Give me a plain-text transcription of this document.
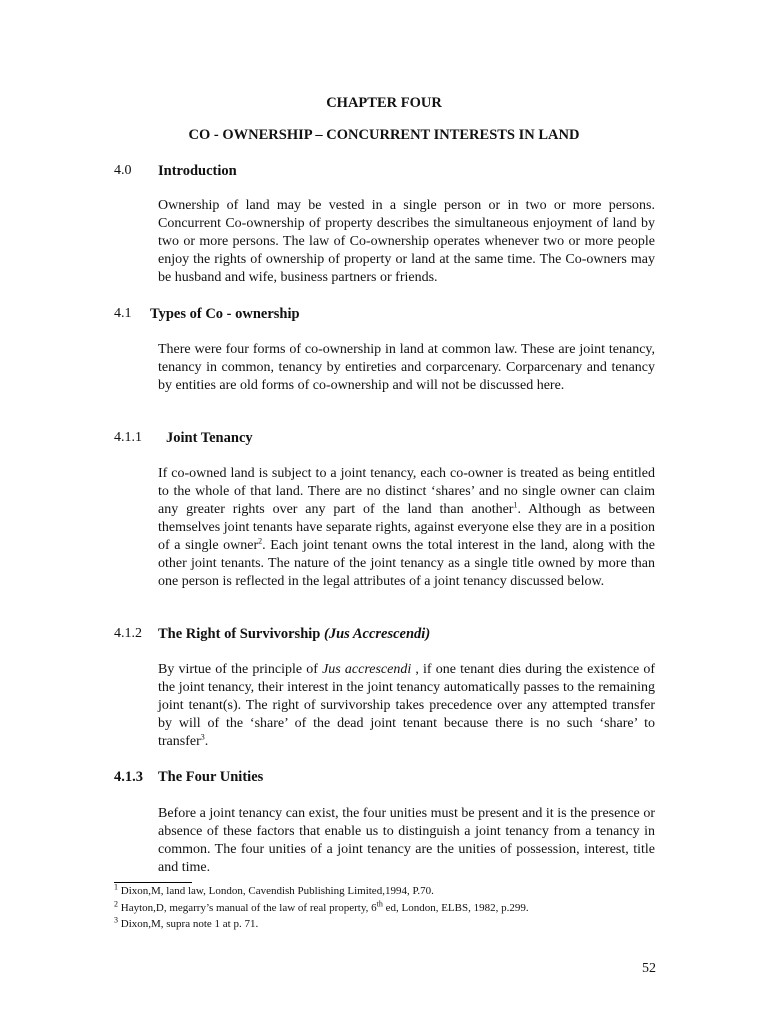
CHAPTER FOUR
CO - OWNERSHIP – CONCURRENT INTERESTS IN LAND
4.0 Introduction
Ownership of land may be vested in a single person or in two or more persons. Concurrent Co-ownership of property describes the simultaneous enjoyment of land by two or more persons. The law of Co-ownership operates whenever two or more people enjoy the rights of ownership of property or land at the same time. The Co-owners may be husband and wife, business partners or friends.
4.1 Types of Co - ownership
There were four forms of co-ownership in land at common law. These are joint tenancy, tenancy in common, tenancy by entireties and corparcenary. Corparcenary and tenancy by entities are old forms of co-ownership and will not be discussed here.
4.1.1 Joint Tenancy
If co-owned land is subject to a joint tenancy, each co-owner is treated as being entitled to the whole of that land. There are no distinct ‘shares’ and no single owner can claim any greater rights over any part of the land than another$^1$. Although as between themselves joint tenants have separate rights, against everyone else they are in a position of a single owner$^2$. Each joint tenant owns the total interest in the land, along with the other joint tenants. The nature of the joint tenancy as a single title owned by more than one person is reflected in the legal attributes of a joint tenancy discussed below.
4.1.2 The Right of Survivorship (Jus Accrescendi)
By virtue of the principle of Jus accrescendi , if one tenant dies during the existence of the joint tenancy, their interest in the joint tenancy automatically passes to the remaining joint tenant(s). The right of survivorship takes precedence over any attempted transfer by will of the ‘share’ of the dead joint tenant because there is no such ‘share’ to transfer$^3$.
4.1.3 The Four Unities
Before a joint tenancy can exist, the four unities must be present and it is the presence or absence of these factors that enable us to distinguish a joint tenancy from a tenancy in common. The four unities of a joint tenancy are the unities of possession, interest, title and time.
$^1$ Dixon,M, land law, London, Cavendish Publishing Limited,1994, P.70.
$^2$ Hayton,D, megarry’s manual of the law of real property, 6th ed, London, ELBS, 1982, p.299.
$^3$ Dixon,M, supra note 1 at p. 71.
52
